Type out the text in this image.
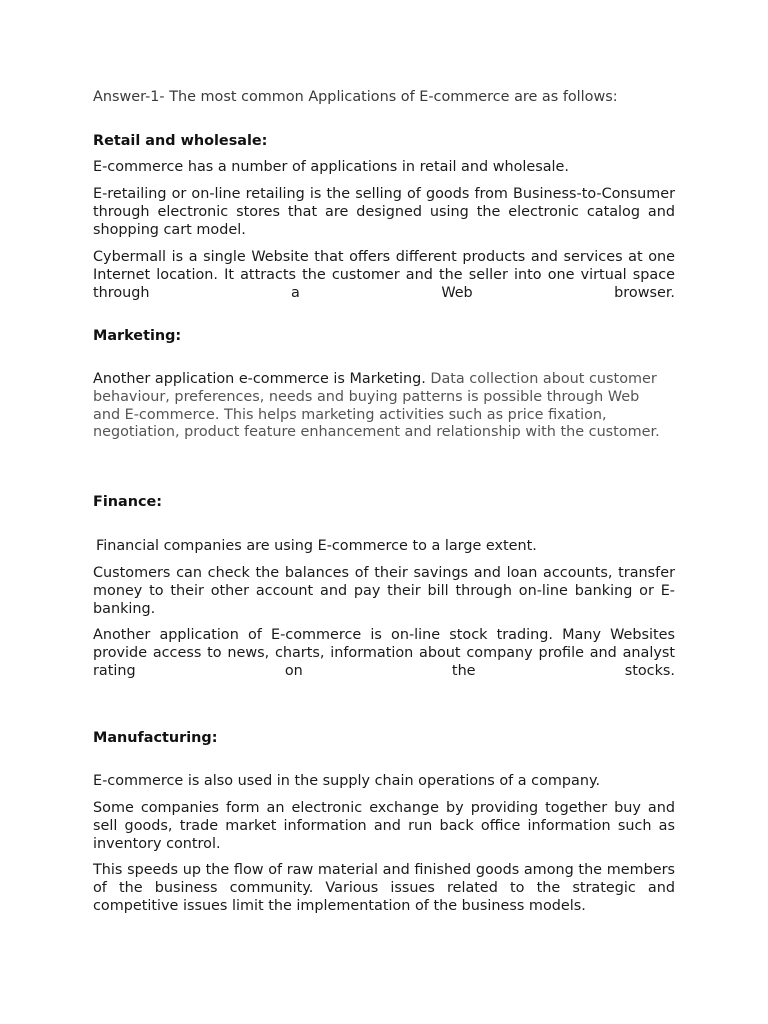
Answer-1- The most common Applications of E-commerce are as follows:

Retail and wholesale:

E-commerce has a number of applications in retail and wholesale.

E-retailing or on-line retailing is the selling of goods from Business-to-Consumer through electronic stores that are designed using the electronic catalog and shopping cart model.

Cybermall is a single Website that offers different products and services at one Internet location. It attracts the customer and the seller into one virtual space through a Web browser.

Marketing:

Another application e-commerce is Marketing. Data collection about customer behaviour, preferences, needs and buying patterns is possible through Web and E-commerce. This helps marketing activities such as price fixation, negotiation, product feature enhancement and relationship with the customer.

Finance:

Financial companies are using E-commerce to a large extent.

Customers can check the balances of their savings and loan accounts, transfer money to their other account and pay their bill through on-line banking or E-banking.

Another application of E-commerce is on-line stock trading. Many Websites provide access to news, charts, information about company profile and analyst rating on the stocks.

Manufacturing:

E-commerce is also used in the supply chain operations of a company.

Some companies form an electronic exchange by providing together buy and sell goods, trade market information and run back office information such as inventory control.

This speeds up the flow of raw material and finished goods among the members of the business community. Various issues related to the strategic and competitive issues limit the implementation of the business models.
